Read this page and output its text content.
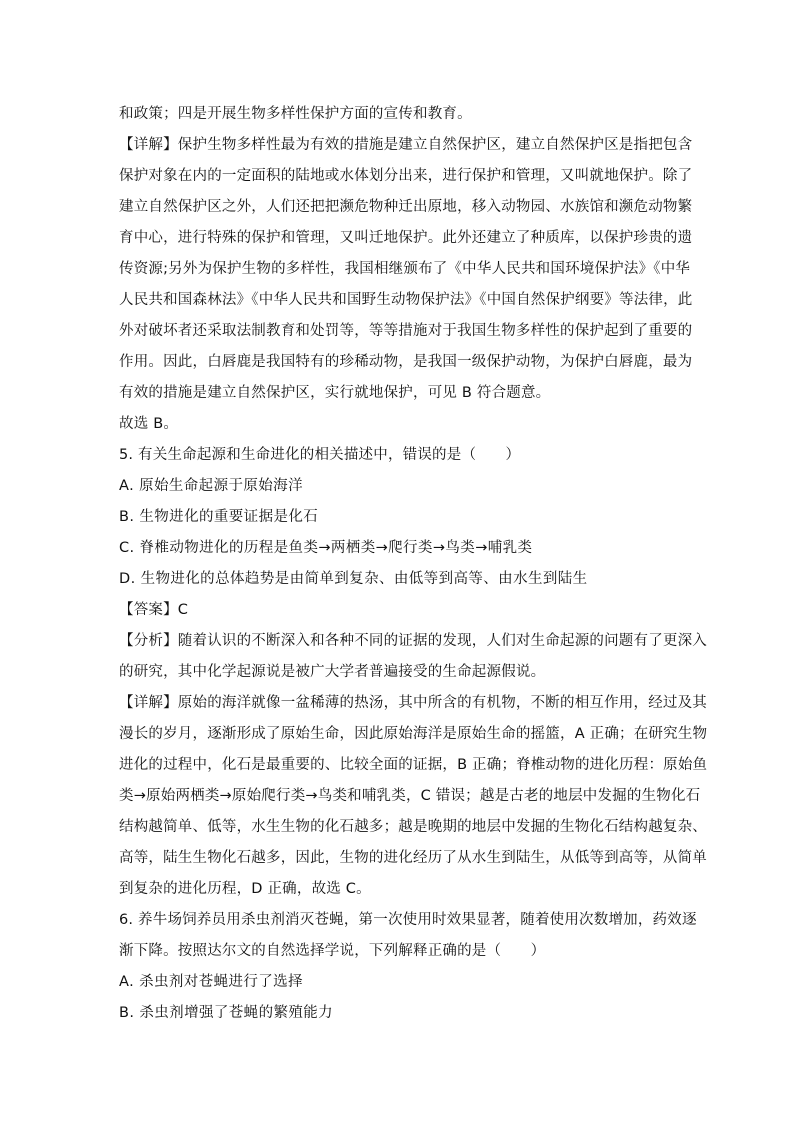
和政策；四是开展生物多样性保护方面的宣传和教育。
【详解】保护生物多样性最为有效的措施是建立自然保护区，建立自然保护区是指把包含
保护对象在内的一定面积的陆地或水体划分出来，进行保护和管理，又叫就地保护。除了
建立自然保护区之外，人们还把把濒危物种迁出原地，移入动物园、水族馆和濒危动物繁
育中心，进行特殊的保护和管理，又叫迁地保护。此外还建立了种质库，以保护珍贵的遗
传资源;另外为保护生物的多样性，我国相继颁布了《中华人民共和国环境保护法》《中华
人民共和国森林法》《中华人民共和国野生动物保护法》《中国自然保护纲要》等法律，此
外对破坏者还采取法制教育和处罚等，等等措施对于我国生物多样性的保护起到了重要的
作用。因此，白唇鹿是我国特有的珍稀动物，是我国一级保护动物，为保护白唇鹿，最为
有效的措施是建立自然保护区，实行就地保护，可见 B 符合题意。
故选 B。
5. 有关生命起源和生命进化的相关描述中，错误的是（　　）
A. 原始生命起源于原始海洋
B. 生物进化的重要证据是化石
C. 脊椎动物进化的历程是鱼类→两栖类→爬行类→鸟类→哺乳类
D. 生物进化的总体趋势是由简单到复杂、由低等到高等、由水生到陆生
【答案】C
【分析】随着认识的不断深入和各种不同的证据的发现，人们对生命起源的问题有了更深入
的研究，其中化学起源说是被广大学者普遍接受的生命起源假说。
【详解】原始的海洋就像一盆稀薄的热汤，其中所含的有机物，不断的相互作用，经过及其
漫长的岁月，逐渐形成了原始生命，因此原始海洋是原始生命的摇篮，A 正确；在研究生物
进化的过程中，化石是最重要的、比较全面的证据，B 正确；脊椎动物的进化历程：原始鱼
类→原始两栖类→原始爬行类→鸟类和哺乳类，C 错误；越是古老的地层中发掘的生物化石
结构越简单、低等，水生生物的化石越多；越是晚期的地层中发掘的生物化石结构越复杂、
高等，陆生生物化石越多，因此，生物的进化经历了从水生到陆生，从低等到高等，从简单
到复杂的进化历程，D 正确，故选 C。
6. 养牛场饲养员用杀虫剂消灭苍蝇，第一次使用时效果显著，随着使用次数增加，药效逐
渐下降。按照达尔文的自然选择学说，下列解释正确的是（　　）
A. 杀虫剂对苍蝇进行了选择
B. 杀虫剂增强了苍蝇的繁殖能力
